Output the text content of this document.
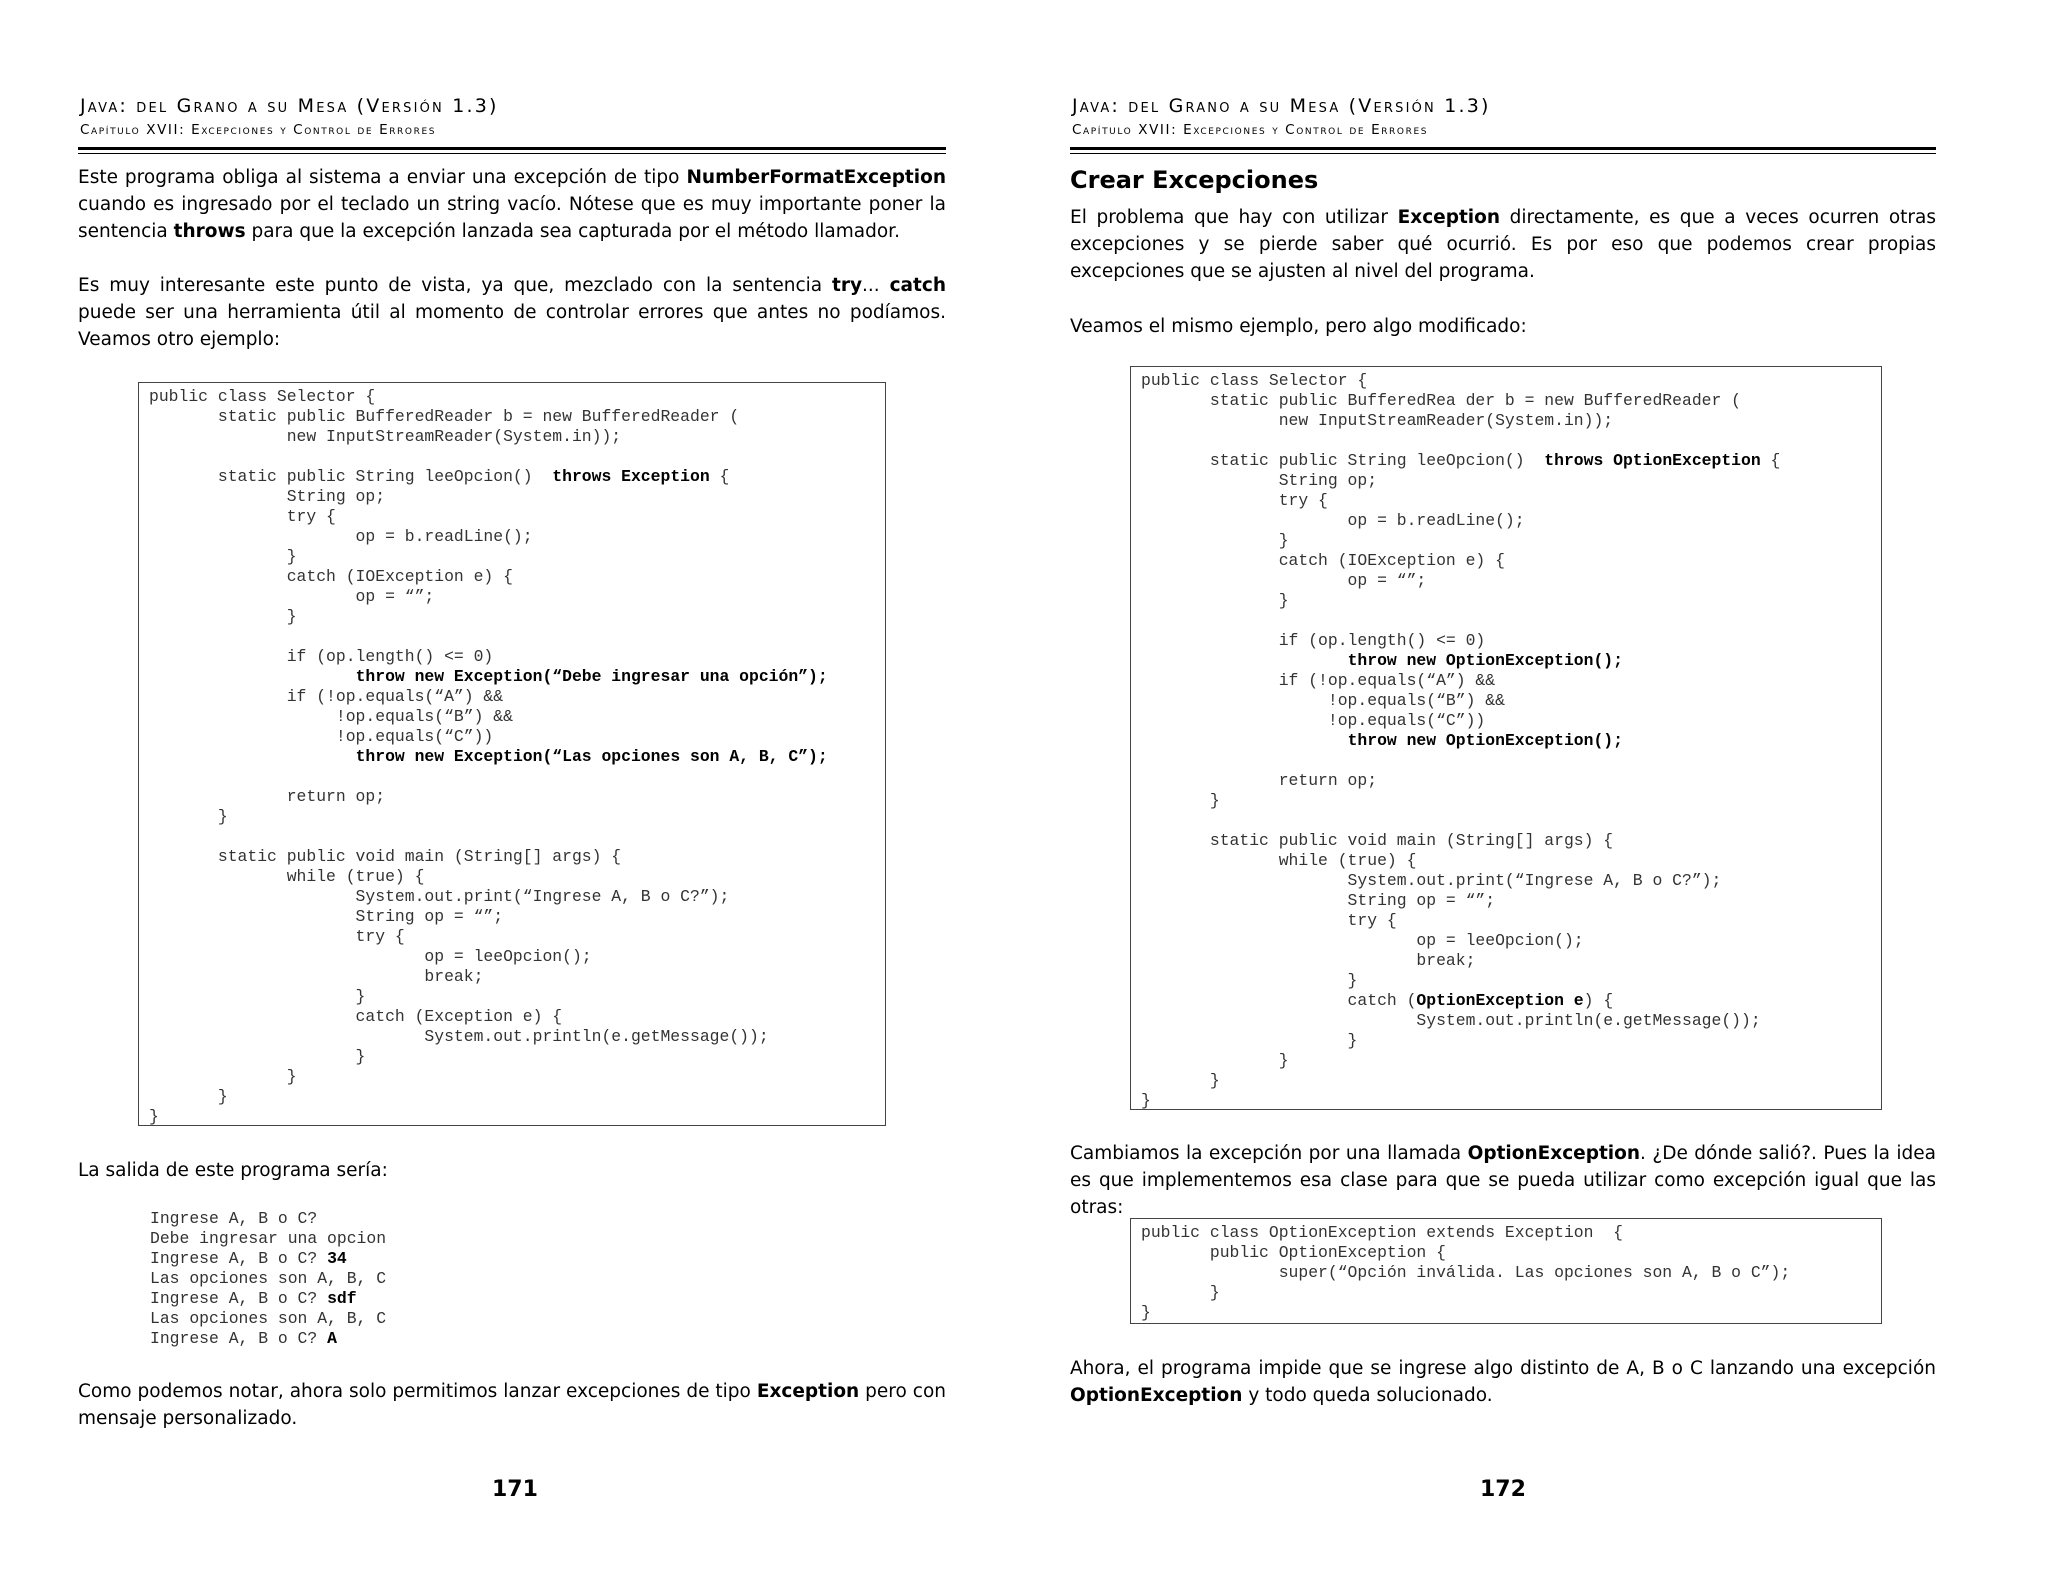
Java: del Grano a su Mesa (Versión 1.3)
Capítulo XVII: Excepciones y Control de Errores

Este programa obliga al sistema a enviar una excepción de tipo NumberFormatException cuando es ingresado por el teclado un string vacío. Nótese que es muy importante poner la sentencia throws para que la excepción lanzada sea capturada por el método llamador.

Es muy interesante este punto de vista, ya que, mezclado con la sentencia try... catch puede ser una herramienta útil al momento de controlar errores que antes no podíamos. Veamos otro ejemplo:

public class Selector {
static public BufferedReader b = new BufferedReader (
new InputStreamReader(System.in));

static public String leeOpcion()  throws Exception {
String op;
try {
op = b.readLine();
}
catch (IOException e) {
op = “”;
}

if (op.length() <= 0)
throw new Exception(“Debe ingresar una opción”);
if (!op.equals(“A”) &&
!op.equals(“B”) &&
!op.equals(“C”))
throw new Exception(“Las opciones son A, B, C”);

return op;
}

static public void main (String[] args) {
while (true) {
System.out.print(“Ingrese A, B o C?”);
String op = “”;
try {
op = leeOpcion();
break;
}
catch (Exception e) {
System.out.println(e.getMessage());
}
}
}
}

La salida de este programa sería:

Ingrese A, B o C?
Debe ingresar una opcion
Ingrese A, B o C? 34
Las opciones son A, B, C
Ingrese A, B o C? sdf
Las opciones son A, B, C
Ingrese A, B o C? A

Como podemos notar, ahora solo permitimos lanzar excepciones de tipo Exception pero con mensaje personalizado.

171
Java: del Grano a su Mesa (Versión 1.3)
Capítulo XVII: Excepciones y Control de Errores
Crear Excepciones

El problema que hay con utilizar Exception directamente, es que a veces ocurren otras excepciones y se pierde saber qué ocurrió. Es por eso que podemos crear propias excepciones que se ajusten al nivel del programa.

Veamos el mismo ejemplo, pero algo modificado:

public class Selector {
static public BufferedRea der b = new BufferedReader (
new InputStreamReader(System.in));

static public String leeOpcion()  throws OptionException {
String op;
try {
op = b.readLine();
}
catch (IOException e) {
op = “”;
}

if (op.length() <= 0)
throw new OptionException();
if (!op.equals(“A”) &&
!op.equals(“B”) &&
!op.equals(“C”))
throw new OptionException();

return op;
}

static public void main (String[] args) {
while (true) {
System.out.print(“Ingrese A, B o C?”);
String op = “”;
try {
op = leeOpcion();
break;
}
catch (OptionException e) {
System.out.println(e.getMessage());
}
}
}
}

Cambiamos la excepción por una llamada OptionException. ¿De dónde salió?. Pues la idea es que implementemos esa clase para que se pueda utilizar como excepción igual que las otras:

public class OptionException extends Exception  {
public OptionException {
super(“Opción inválida. Las opciones son A, B o C”);
}
}

Ahora, el programa impide que se ingrese algo distinto de A, B o C lanzando una excepción OptionException y todo queda solucionado.

172
